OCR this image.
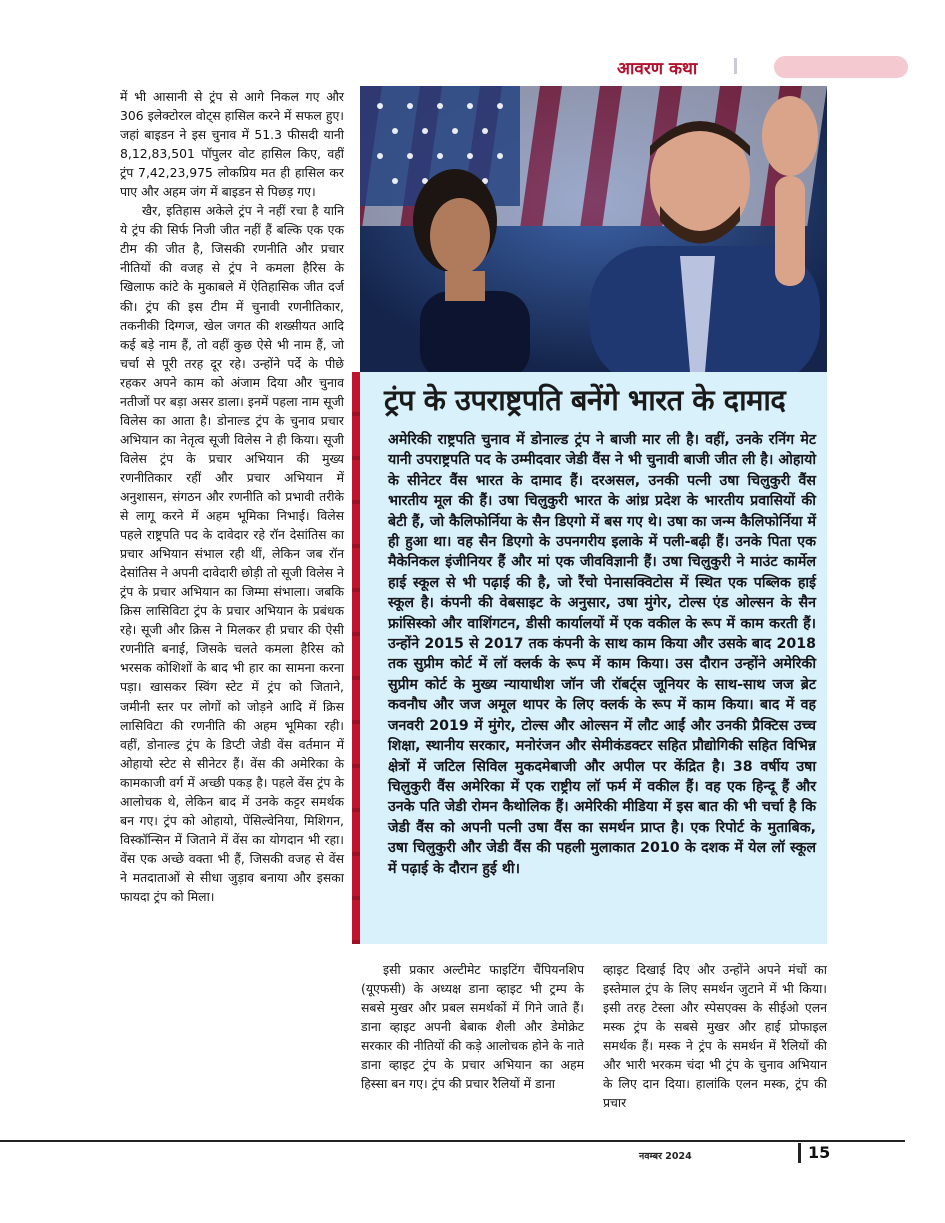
आवरण कथा

में भी आसानी से ट्रंप से आगे निकल गए और 306 इलेक्टोरल वोट्स हासिल करने में सफल हुए। जहां बाइडन ने इस चुनाव में 51.3 फीसदी यानी 8,12,83,501 पॉपुलर वोट हासिल किए, वहीं ट्रंप 7,42,23,975 लोकप्रिय मत ही हासिल कर पाए और अहम जंग में बाइडन से पिछड़ गए।

खैर, इतिहास अकेले ट्रंप ने नहीं रचा है यानि ये ट्रंप की सिर्फ निजी जीत नहीं हैं बल्कि एक एक टीम की जीत है, जिसकी रणनीति और प्रचार नीतियों की वजह से ट्रंप ने कमला हैरिस के खिलाफ कांटे के मुकाबले में ऐतिहासिक जीत दर्ज की। ट्रंप की इस टीम में चुनावी रणनीतिकार, तकनीकी दिग्गज, खेल जगत की शख्सीयत आदि कई बड़े नाम हैं, तो वहीं कुछ ऐसे भी नाम हैं, जो चर्चा से पूरी तरह दूर रहे। उन्होंने पर्दे के पीछे रहकर अपने काम को अंजाम दिया और चुनाव नतीजों पर बड़ा असर डाला। इनमें पहला नाम सूजी विलेस का आता है। डोनाल्ड ट्रंप के चुनाव प्रचार अभियान का नेतृत्व सूजी विलेस ने ही किया। सूजी विलेस ट्रंप के प्रचार अभियान की मुख्य रणनीतिकार रहीं और प्रचार अभियान में अनुशासन, संगठन और रणनीति को प्रभावी तरीके से लागू करने में अहम भूमिका निभाई। विलेस पहले राष्ट्रपति पद के दावेदार रहे रॉन देसांतिस का प्रचार अभियान संभाल रही थीं, लेकिन जब रॉन देसांतिस ने अपनी दावेदारी छोड़ी तो सूजी विलेस ने ट्रंप के प्रचार अभियान का जिम्मा संभाला। जबकि क्रिस लासिविटा ट्रंप के प्रचार अभियान के प्रबंधक रहे। सूजी और क्रिस ने मिलकर ही प्रचार की ऐसी रणनीति बनाई, जिसके चलते कमला हैरिस को भरसक कोशिशों के बाद भी हार का सामना करना पड़ा। खासकर स्विंग स्टेट में ट्रंप को जिताने, जमीनी स्तर पर लोगों को जोड़ने आदि में क्रिस लासिविटा की रणनीति की अहम भूमिका रही। वहीं, डोनाल्ड ट्रंप के डिप्टी जेडी वेंस वर्तमान में ओहायो स्टेट से सीनेटर हैं। वेंस की अमेरिका के कामकाजी वर्ग में अच्छी पकड़ है। पहले वेंस ट्रंप के आलोचक थे, लेकिन बाद में उनके कट्टर समर्थक बन गए। ट्रंप को ओहायो, पेंसिल्वेनिया, मिशिगन, विस्कॉन्सिन में जिताने में वेंस का योगदान भी रहा। वेंस एक अच्छे वक्ता भी हैं, जिसकी वजह से वेंस ने मतदाताओं से सीधा जुड़ाव बनाया और इसका फायदा ट्रंप को मिला।

ट्रंप के उपराष्ट्रपति बनेंगे भारत के दामाद
अमेरिकी राष्ट्रपति चुनाव में डोनाल्ड ट्रंप ने बाजी मार ली है। वहीं, उनके रनिंग मेट यानी उपराष्ट्रपति पद के उम्मीदवार जेडी वैंस ने भी चुनावी बाजी जीत ली है। ओहायो के सीनेटर वैंस भारत के दामाद हैं। दरअसल, उनकी पत्नी उषा चिलुकुरी वैंस भारतीय मूल की हैं। उषा चिलुकुरी भारत के आंध्र प्रदेश के भारतीय प्रवासियों की बेटी हैं, जो कैलिफोर्निया के सैन डिएगो में बस गए थे। उषा का जन्म कैलिफोर्निया में ही हुआ था। वह सैन डिएगो के उपनगरीय इलाके में पली-बढ़ी हैं। उनके पिता एक मैकेनिकल इंजीनियर हैं और मां एक जीवविज्ञानी हैं। उषा चिलुकुरी ने माउंट कार्मेल हाई स्कूल से भी पढ़ाई की है, जो रैंचो पेनासक्विटोस में स्थित एक पब्लिक हाई स्कूल है। कंपनी की वेबसाइट के अनुसार, उषा मुंगेर, टोल्स एंड ओल्सन के सैन फ्रांसिस्को और वाशिंगटन, डीसी कार्यालयों में एक वकील के रूप में काम करती हैं। उन्होंने 2015 से 2017 तक कंपनी के साथ काम किया और उसके बाद 2018 तक सुप्रीम कोर्ट में लॉ क्लर्क के रूप में काम किया। उस दौरान उन्होंने अमेरिकी सुप्रीम कोर्ट के मुख्य न्यायाधीश जॉन जी रॉबर्ट्स जूनियर के साथ-साथ जज ब्रेट कवनौघ और जज अमूल थापर के लिए क्लर्क के रूप में काम किया। बाद में वह जनवरी 2019 में मुंगेर, टोल्स और ओल्सन में लौट आईं और उनकी प्रैक्टिस उच्च शिक्षा, स्थानीय सरकार, मनोरंजन और सेमीकंडक्टर सहित प्रौद्योगिकी सहित विभिन्न क्षेत्रों में जटिल सिविल मुकदमेबाजी और अपील पर केंद्रित है। 38 वर्षीय उषा चिलुकुरी वैंस अमेरिका में एक राष्ट्रीय लॉ फर्म में वकील हैं। वह एक हिन्दू हैं और उनके पति जेडी रोमन कैथोलिक हैं। अमेरिकी मीडिया में इस बात की भी चर्चा है कि जेडी वैंस को अपनी पत्नी उषा वैंस का समर्थन प्राप्त है। एक रिपोर्ट के मुताबिक, उषा चिलुकुरी और जेडी वैंस की पहली मुलाकात 2010 के दशक में येल लॉ स्कूल में पढ़ाई के दौरान हुई थी।

इसी प्रकार अल्टीमेट फाइटिंग चैंपियनशिप (यूएफसी) के अध्यक्ष डाना व्हाइट भी ट्रम्प के सबसे मुखर और प्रबल समर्थकों में गिने जाते हैं। डाना व्हाइट अपनी बेबाक शैली और डेमोक्रेट सरकार की नीतियों की कड़े आलोचक होने के नाते डाना व्हाइट ट्रंप के प्रचार अभियान का अहम हिस्सा बन गए। ट्रंप की प्रचार रैलियों में डाना

व्हाइट दिखाई दिए और उन्होंने अपने मंचों का इस्तेमाल ट्रंप के लिए समर्थन जुटाने में भी किया। इसी तरह टेस्ला और स्पेसएक्स के सीईओ एलन मस्क ट्रंप के सबसे मुखर और हाई प्रोफाइल समर्थक हैं। मस्क ने ट्रंप के समर्थन में रैलियों की और भारी भरकम चंदा भी ट्रंप के चुनाव अभियान के लिए दान दिया। हालांकि एलन मस्क, ट्रंप की प्रचार

नवम्बर 2024	15
